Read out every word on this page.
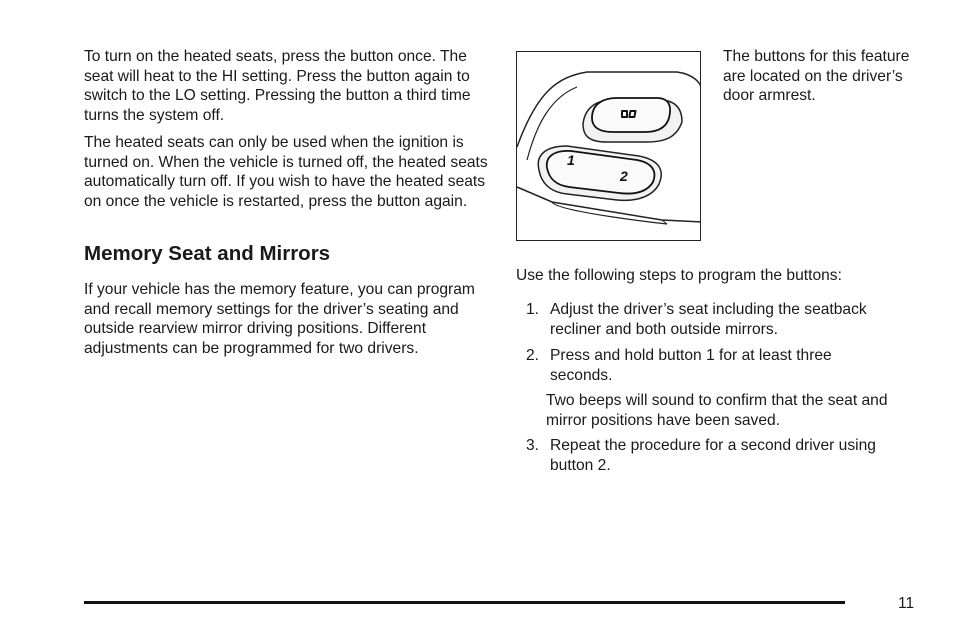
To turn on the heated seats, press the button once. The seat will heat to the HI setting. Press the button again to switch to the LO setting. Pressing the button a third time turns the system off.

The heated seats can only be used when the ignition is turned on. When the vehicle is turned off, the heated seats automatically turn off. If you wish to have the heated seats on once the vehicle is restarted, press the button again.

Memory Seat and Mirrors

If your vehicle has the memory feature, you can program and recall memory settings for the driver’s seating and outside rearview mirror driving positions. Different adjustments can be programmed for two drivers.

1
2

The buttons for this feature are located on the driver’s door armrest.

Use the following steps to program the buttons:

1. Adjust the driver’s seat including the seatback recliner and both outside mirrors.
2. Press and hold button 1 for at least three seconds.

Two beeps will sound to confirm that the seat and mirror positions have been saved.

3. Repeat the procedure for a second driver using button 2.
11
